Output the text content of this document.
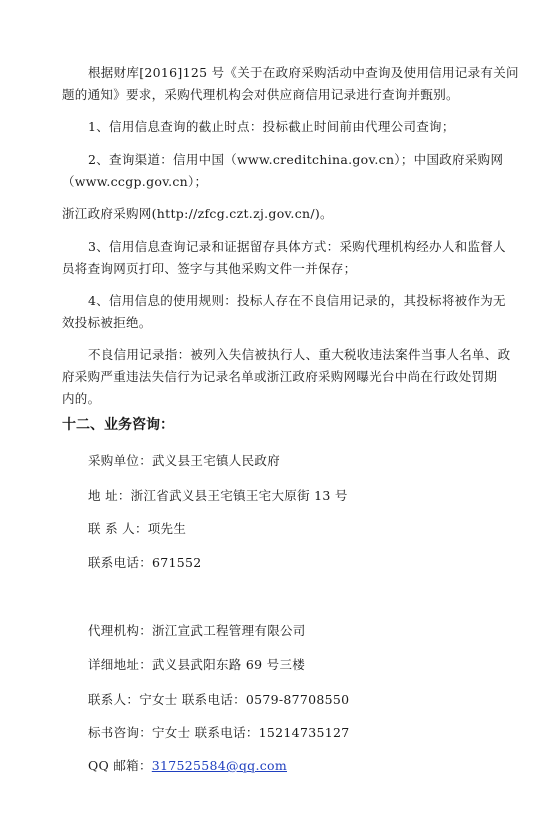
根据财库[2016]125 号《关于在政府采购活动中查询及使用信用记录有关问
题的通知》要求，采购代理机构会对供应商信用记录进行查询并甄别。
1、信用信息查询的截止时点：投标截止时间前由代理公司查询；
2、查询渠道：信用中国（www.creditchina.gov.cn）；中国政府采购网
（www.ccgp.gov.cn）；
浙江政府采购网(http://zfcg.czt.zj.gov.cn/)。
3、信用信息查询记录和证据留存具体方式：采购代理机构经办人和监督人
员将查询网页打印、签字与其他采购文件一并保存；
4、信用信息的使用规则：投标人存在不良信用记录的，其投标将被作为无
效投标被拒绝。
不良信用记录指：被列入失信被执行人、重大税收违法案件当事人名单、政
府采购严重违法失信行为记录名单或浙江政府采购网曝光台中尚在行政处罚期
内的。
十二、业务咨询：
采购单位：武义县王宅镇人民政府
地 址：浙江省武义县王宅镇王宅大原街 13 号
联 系 人：项先生
联系电话：671552
代理机构：浙江宣武工程管理有限公司
详细地址：武义县武阳东路 69 号三楼
联系人：宁女士 联系电话：0579-87708550
标书咨询：宁女士 联系电话：15214735127
QQ 邮箱：317525584@qq.com
